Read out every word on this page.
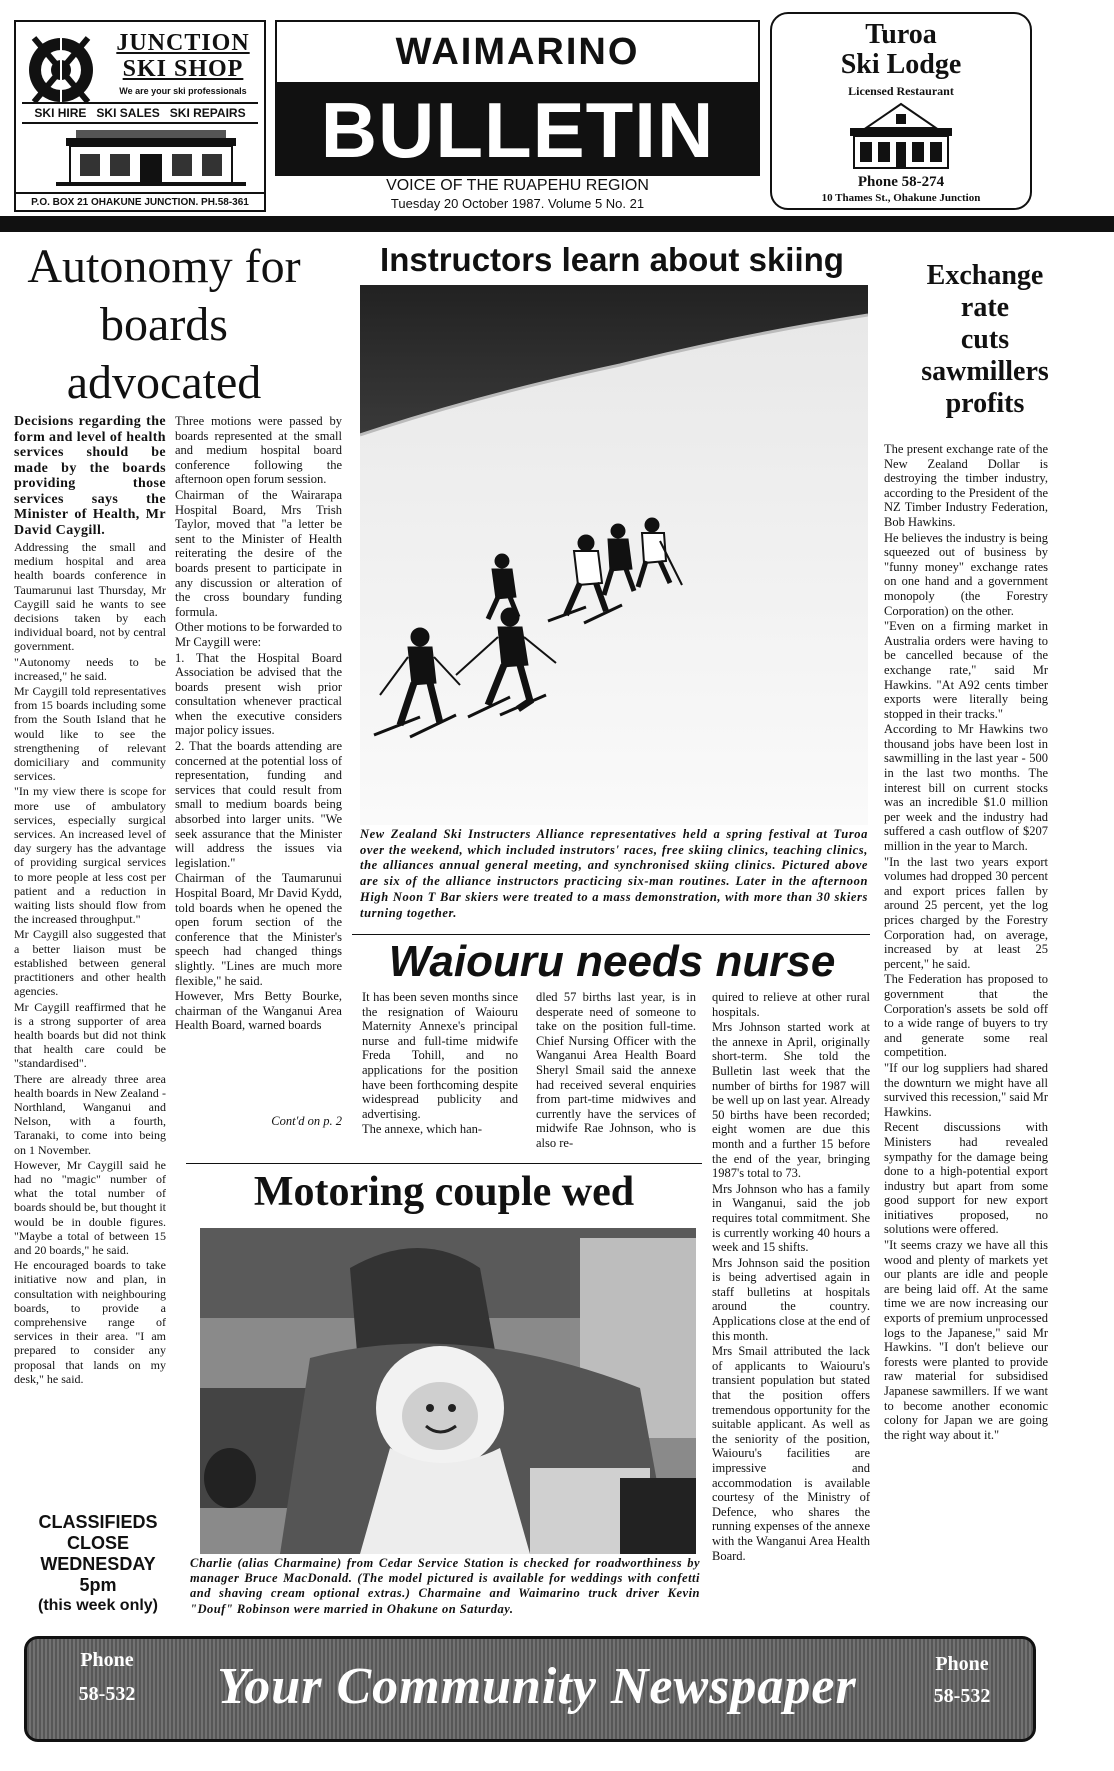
JUNCTION
SKI SHOP
We are your ski professionals
SKI HIRE   SKI SALES   SKI REPAIRS
P.O. BOX 21 OHAKUNE JUNCTION. PH.58-361
WAIMARINO
BULLETIN
VOICE OF THE RUAPEHU REGION
Tuesday 20 October 1987. Volume 5 No. 21
Turoa
Ski Lodge
Licensed Restaurant
Phone 58-274
10 Thames St., Ohakune Junction
Autonomy for boards advocated
Decisions regarding the form and level of health services should be made by the boards providing those services says the Minister of Health, Mr David Caygill.

Addressing the small and medium hospital and area health boards conference in Taumarunui last Thursday, Mr Caygill said he wants to see decisions taken by each individual board, not by central government.

"Autonomy needs to be increased," he said.

Mr Caygill told representatives from 15 boards including some from the South Island that he would like to see the strengthening of relevant domiciliary and community services.

"In my view there is scope for more use of ambulatory services, especially surgical services. An increased level of day surgery has the advantage of providing surgical services to more people at less cost per patient and a reduction in waiting lists should flow from the increased throughput."

Mr Caygill also suggested that a better liaison must be established between general practitioners and other health agencies.

Mr Caygill reaffirmed that he is a strong supporter of area health boards but did not think that health care could be "standardised".

There are already three area health boards in New Zealand - Northland, Wanganui and Nelson, with a fourth, Taranaki, to come into being on 1 November.

However, Mr Caygill said he had no "magic" number of what the total number of boards should be, but thought it would be in double figures. "Maybe a total of between 15 and 20 boards," he said.

He encouraged boards to take initiative now and plan, in consultation with neighbouring boards, to provide a comprehensive range of services in their area. "I am prepared to consider any proposal that lands on my desk," he said.

Three motions were passed by boards represented at the small and medium hospital board conference following the afternoon open forum session.

Chairman of the Wairarapa Hospital Board, Mrs Trish Taylor, moved that "a letter be sent to the Minister of Health reiterating the desire of the boards present to participate in any discussion or alteration of the cross boundary funding formula.

Other motions to be forwarded to Mr Caygill were:

1. That the Hospital Board Association be advised that the boards present wish prior consultation whenever practical when the executive considers major policy issues.

2. That the boards attending are concerned at the potential loss of representation, funding and services that could result from small to medium boards being absorbed into larger units. "We seek assurance that the Minister will address the issues via legislation."

Chairman of the Taumarunui Hospital Board, Mr David Kydd, told boards when he opened the open forum section of the conference that the Minister's speech had changed things slightly. "Lines are much more flexible," he said.

However, Mrs Betty Bourke, chairman of the Wanganui Area Health Board, warned boards

Cont'd on p. 2
CLASSIFIEDS
CLOSE
WEDNESDAY
5pm
(this week only)
Instructors learn about skiing
New Zealand Ski Instructers Alliance representatives held a spring festival at Turoa over the weekend, which included instrutors' races, free skiing clinics, teaching clinics, the alliances annual general meeting, and synchronised skiing clinics. Pictured above are six of the alliance instructors practicing six-man routines. Later in the afternoon High Noon T Bar skiers were treated to a mass demonstration, with more than 30 skiers turning together.
Waiouru needs nurse

It has been seven months since the resignation of Waiouru Maternity Annexe's principal nurse and full-time midwife Freda Tohill, and no applications for the position have been forthcoming despite widespread publicity and advertising.

The annexe, which han-

dled 57 births last year, is in desperate need of someone to take on the position full-time. Chief Nursing Officer with the Wanganui Area Health Board Sheryl Smail said the annexe had received several enquiries from part-time midwives and currently have the services of midwife Rae Johnson, who is also re-

quired to relieve at other rural hospitals.

Mrs Johnson started work at the annexe in April, originally short-term. She told the Bulletin last week that the number of births for 1987 will be well up on last year. Already 50 births have been recorded; eight women are due this month and a further 15 before the end of the year, bringing 1987's total to 73.

Mrs Johnson who has a family in Wanganui, said the job requires total commitment. She is currently working 40 hours a week and 15 shifts.

Mrs Johnson said the position is being advertised again in staff bulletins at hospitals around the country. Applications close at the end of this month.

Mrs Smail attributed the lack of applicants to Waiouru's transient population but stated that the position offers tremendous opportunity for the suitable applicant. As well as the seniority of the position, Waiouru's facilities are impressive and accommodation is available courtesy of the Ministry of Defence, who shares the running expenses of the annexe with the Wanganui Area Health Board.

Motoring couple wed
Charlie (alias Charmaine) from Cedar Service Station is checked for roadworthiness by manager Bruce MacDonald. (The model pictured is available for weddings with confetti and shaving cream optional extras.) Charmaine and Waimarino truck driver Kevin "Douf" Robinson were married in Ohakune on Saturday.
Exchange
rate
cuts
sawmillers
profits

The present exchange rate of the New Zealand Dollar is destroying the timber industry, according to the President of the NZ Timber Industry Federation, Bob Hawkins.

He believes the industry is being squeezed out of business by "funny money" exchange rates on one hand and a government monopoly (the Forestry Corporation) on the other.

"Even on a firming market in Australia orders were having to be cancelled because of the exchange rate," said Mr Hawkins. "At A92 cents timber exports were literally being stopped in their tracks."

According to Mr Hawkins two thousand jobs have been lost in sawmilling in the last year - 500 in the last two months. The interest bill on current stocks was an incredible $1.0 million per week and the industry had suffered a cash outflow of $207 million in the year to March.

"In the last two years export volumes had dropped 30 percent and export prices fallen by around 25 percent, yet the log prices charged by the Forestry Corporation had, on average, increased by at least 25 percent," he said.

The Federation has proposed to government that the Corporation's assets be sold off to a wide range of buyers to try and generate some real competition.

"If our log suppliers had shared the downturn we might have all survived this recession," said Mr Hawkins.

Recent discussions with Ministers had revealed sympathy for the damage being done to a high-potential export industry but apart from some good support for new export initiatives proposed, no solutions were offered.

"It seems crazy we have all this wood and plenty of markets yet our plants are idle and people are being laid off. At the same time we are now increasing our exports of premium unprocessed logs to the Japanese," said Mr Hawkins. "I don't believe our forests were planted to provide raw material for subsidised Japanese sawmillers. If we want to become another economic colony for Japan we are going the right way about it."

Phone
58-532	Your Community Newspaper	Phone
58-532
